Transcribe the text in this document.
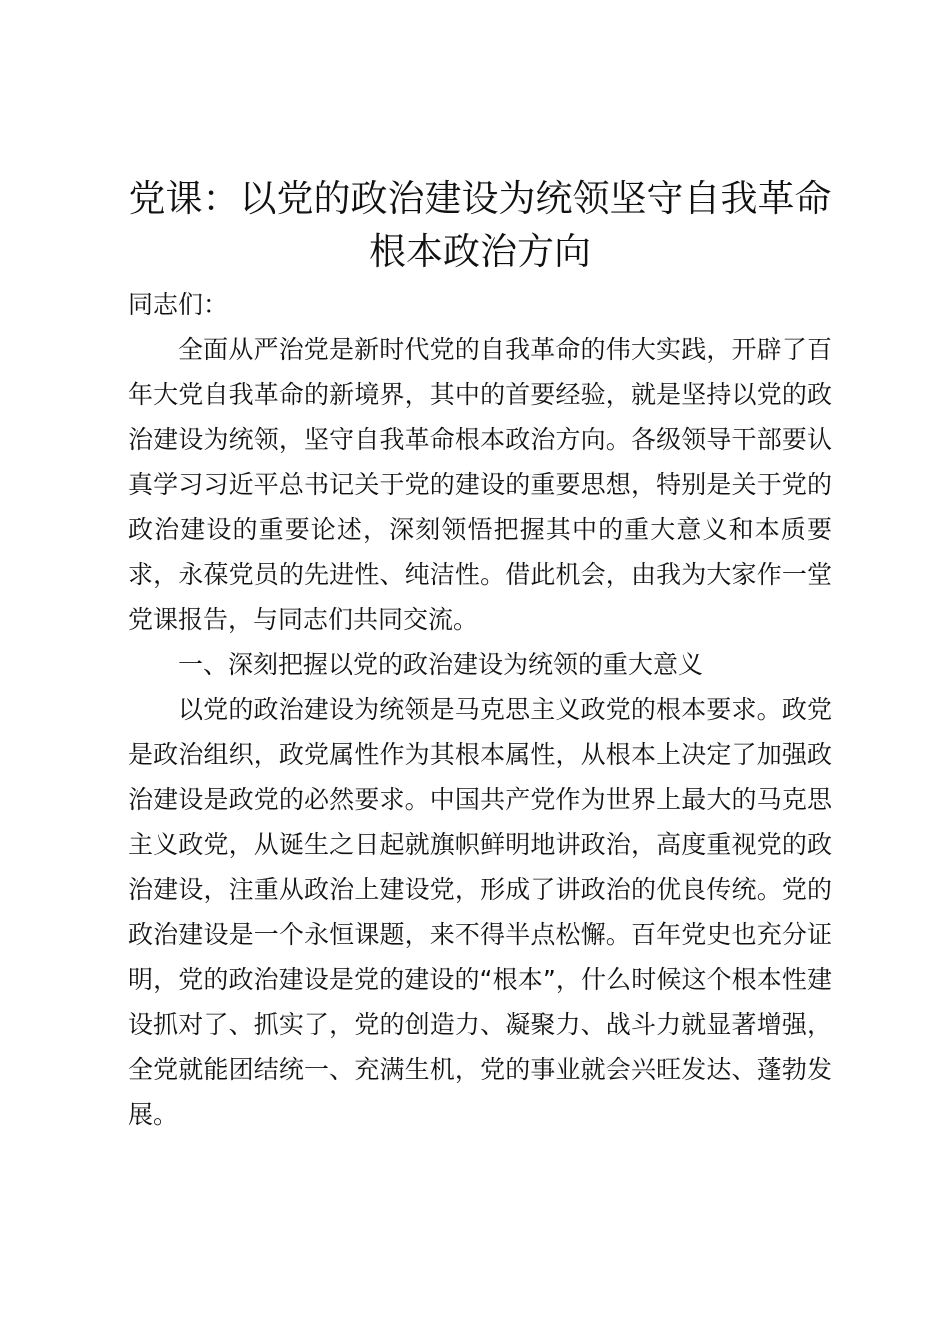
党课：以党的政治建设为统领坚守自我革命根本政治方向

同志们：

全面从严治党是新时代党的自我革命的伟大实践，开辟了百年大党自我革命的新境界，其中的首要经验，就是坚持以党的政治建设为统领，坚守自我革命根本政治方向。各级领导干部要认真学习习近平总书记关于党的建设的重要思想，特别是关于党的政治建设的重要论述，深刻领悟把握其中的重大意义和本质要求，永葆党员的先进性、纯洁性。借此机会，由我为大家作一堂党课报告，与同志们共同交流。

一、深刻把握以党的政治建设为统领的重大意义

以党的政治建设为统领是马克思主义政党的根本要求。政党是政治组织，政党属性作为其根本属性，从根本上决定了加强政治建设是政党的必然要求。中国共产党作为世界上最大的马克思主义政党，从诞生之日起就旗帜鲜明地讲政治，高度重视党的政治建设，注重从政治上建设党，形成了讲政治的优良传统。党的政治建设是一个永恒课题，来不得半点松懈。百年党史也充分证明，党的政治建设是党的建设的“根本”，什么时候这个根本性建设抓对了、抓实了，党的创造力、凝聚力、战斗力就显著增强，全党就能团结统一、充满生机，党的事业就会兴旺发达、蓬勃发展。
